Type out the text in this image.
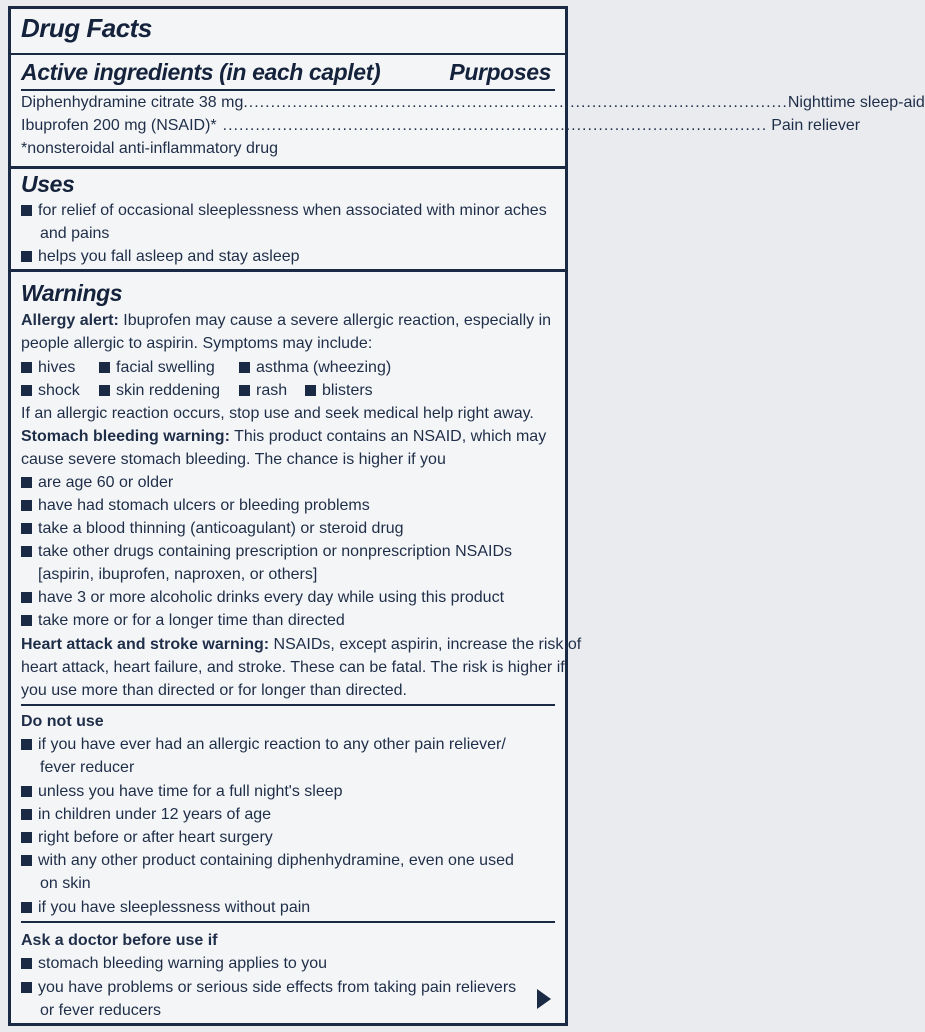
Drug Facts
Active ingredients (in each caplet)	Purposes
Diphenhydramine citrate 38 mg .................................................................................................... Nighttime sleep-aid
Ibuprofen 200 mg (NSAID)* .................................................................................................... Pain reliever
*nonsteroidal anti-inflammatory drug
Uses
for relief of occasional sleeplessness when associated with minor aches
and pains
helps you fall asleep and stay asleep
Warnings
Allergy alert: Ibuprofen may cause a severe allergic reaction, especially in
people allergic to aspirin. Symptoms may include:
hives	facial swelling	asthma (wheezing)
shock skin reddening rash blisters
If an allergic reaction occurs, stop use and seek medical help right away.
Stomach bleeding warning: This product contains an NSAID, which may
cause severe stomach bleeding. The chance is higher if you
are age 60 or older
have had stomach ulcers or bleeding problems
take a blood thinning (anticoagulant) or steroid drug
take other drugs containing prescription or nonprescription NSAIDs
[aspirin, ibuprofen, naproxen, or others]
have 3 or more alcoholic drinks every day while using this product
take more or for a longer time than directed
Heart attack and stroke warning: NSAIDs, except aspirin, increase the risk of
heart attack, heart failure, and stroke. These can be fatal. The risk is higher if
you use more than directed or for longer than directed.
Do not use
if you have ever had an allergic reaction to any other pain reliever/
fever reducer
unless you have time for a full night's sleep
in children under 12 years of age
right before or after heart surgery
with any other product containing diphenhydramine, even one used
on skin
if you have sleeplessness without pain
Ask a doctor before use if
stomach bleeding warning applies to you
you have problems or serious side effects from taking pain relievers
or fever reducers
